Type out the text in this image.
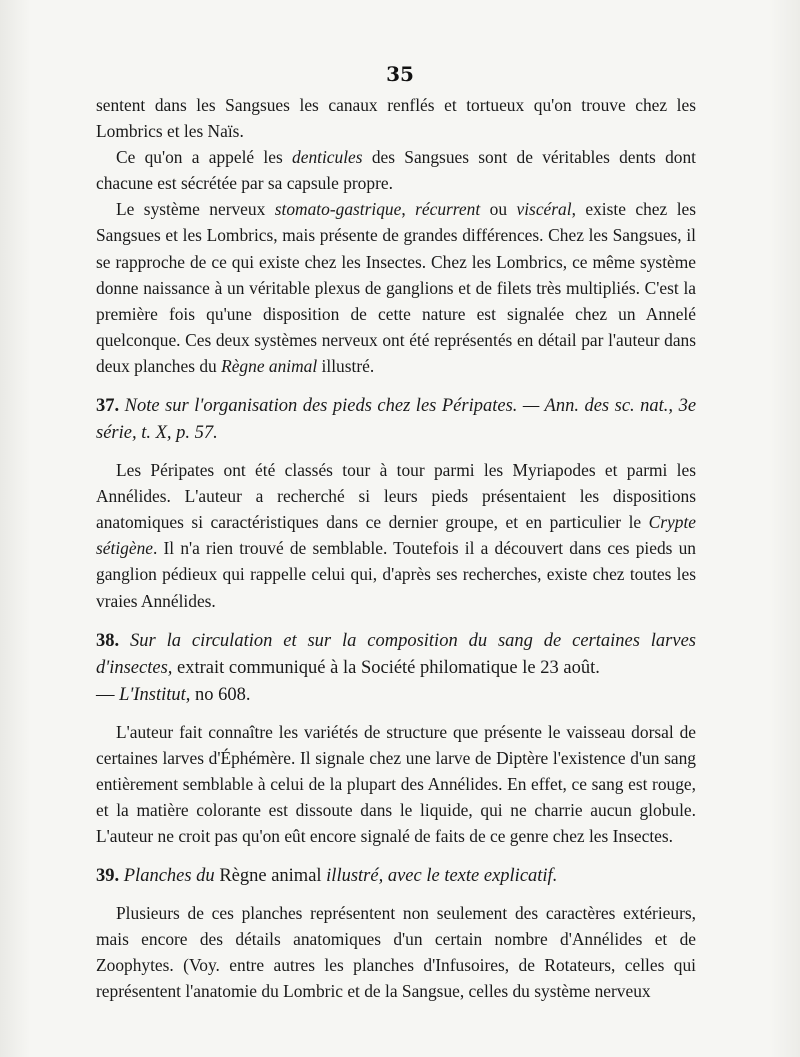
35

sentent dans les Sangsues les canaux renflés et tortueux qu'on trouve chez les Lombrics et les Naïs.

Ce qu'on a appelé les denticules des Sangsues sont de véritables dents dont chacune est sécrétée par sa capsule propre.

Le système nerveux stomato-gastrique, récurrent ou viscéral, existe chez les Sangsues et les Lombrics, mais présente de grandes différences. Chez les Sangsues, il se rapproche de ce qui existe chez les Insectes. Chez les Lombrics, ce même système donne naissance à un véritable plexus de ganglions et de filets très multipliés. C'est la première fois qu'une disposition de cette nature est signalée chez un Annelé quelconque. Ces deux systèmes nerveux ont été représentés en détail par l'auteur dans deux planches du Règne animal illustré.

37. Note sur l'organisation des pieds chez les Péripates. — Ann. des sc. nat., 3e série, t. X, p. 57.

Les Péripates ont été classés tour à tour parmi les Myriapodes et parmi les Annélides. L'auteur a recherché si leurs pieds présentaient les dispositions anatomiques si caractéristiques dans ce dernier groupe, et en particulier le Crypte sétigène. Il n'a rien trouvé de semblable. Toutefois il a découvert dans ces pieds un ganglion pédieux qui rappelle celui qui, d'après ses recherches, existe chez toutes les vraies Annélides.

38. Sur la circulation et sur la composition du sang de certaines larves d'insectes, extrait communiqué à la Société philomatique le 23 août.
— L'Institut, no 608.

L'auteur fait connaître les variétés de structure que présente le vaisseau dorsal de certaines larves d'Éphémère. Il signale chez une larve de Diptère l'existence d'un sang entièrement semblable à celui de la plupart des Annélides. En effet, ce sang est rouge, et la matière colorante est dissoute dans le liquide, qui ne charrie aucun globule. L'auteur ne croit pas qu'on eût encore signalé de faits de ce genre chez les Insectes.

39. Planches du Règne animal illustré, avec le texte explicatif.

Plusieurs de ces planches représentent non seulement des caractères extérieurs, mais encore des détails anatomiques d'un certain nombre d'Annélides et de Zoophytes. (Voy. entre autres les planches d'Infusoires, de Rotateurs, celles qui représentent l'anatomie du Lombric et de la Sangsue, celles du système nerveux
